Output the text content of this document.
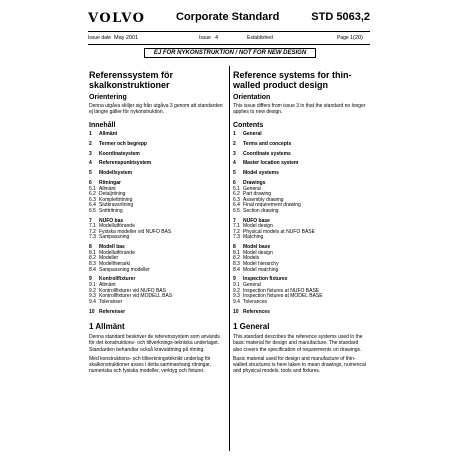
VOLVO	Corporate Standard	STD 5063,2
Issue date May 2001	Issue 4	Established	Page 1(20)
EJ FÖR NYKONSTRUKTION / NOT FOR NEW DESIGN
Referenssystem för skalkonstruktioner
Orientering
Denna utgåva skiljer sig från utgåva 3 genom att standarden ej längre gäller för nykonstruktion.
Innehåll
1	Allmänt
2	Termer och begrepp
3	Koordinatsystem
4	Referenspunktsystem
5	Modellsystem
6	Ritningar
6.1 Allmänt
6.2 Detaljritning
6.3 Komplettritning
6.4 Slutkravsritning
6.5 Snittritning
7	NUFO bas
7.1 Modellutförande
7.2 Fysiska modeller vid NUFO BAS
7.3 Sampassning
8	Modell bas
8.1 Modellutförande
8.2 Modeller
8.3 Modellhierarki
8.4 Sampassning modeller
9	Kontrollfixturer
9.1 Allmänt
9.2 Kontrollfixturer vid NUFO BAS
9.3 Kontrollfixturer vid MODELL BAS
9.4 Toleranser
10 Referenser
1 Allmänt
Denna standard beskriver de referenssystem som används för det konstruktions- och tillverknings-tekniska underlaget. Standarden behandlar också kravsättning på ritning.
Med konstruktions- och tillverkningsteknikt underlag för skalkonstruktioner avses i detta sammanhang ritningar, numeriska och fysiska modeller, verktyg och fixturer.
Reference systems for thin-walled product design
Orientation
This issue differs from issue 3 in that the standard no longer applies to new design.
Contents
1	General
2	Terms and concepts
3	Coordinate systems
4	Master location system
5	Model systems
6	Drawings
6.1 General
6.2 Part drawing
6.3 Assembly drawing
6.4 Final requirement drawing
6.5 Section drawing
7	NUFO base
7.1 Model design
7.2 Physical models at NUFO BASE
7.3 Matching
8	Model base
8.1 Model design
8.2 Models
8.3 Model hierarchy
8.4 Model matching
9	Inspection fixtures
9.1 General
9.2 Inspection fixtures at NUFO BASE
9.3 Inspection fixtures at MODEL BASE
9.4 Tolerances
10 References
1 General
This standard describes the reference systems used in the basic material for design and manufacture. The standard also covers the specification of requirements on drawings.
Basic material used for design and manufacture of thin-walled structures is here taken to mean drawings, numerical and physical models, tools and fixtures.
